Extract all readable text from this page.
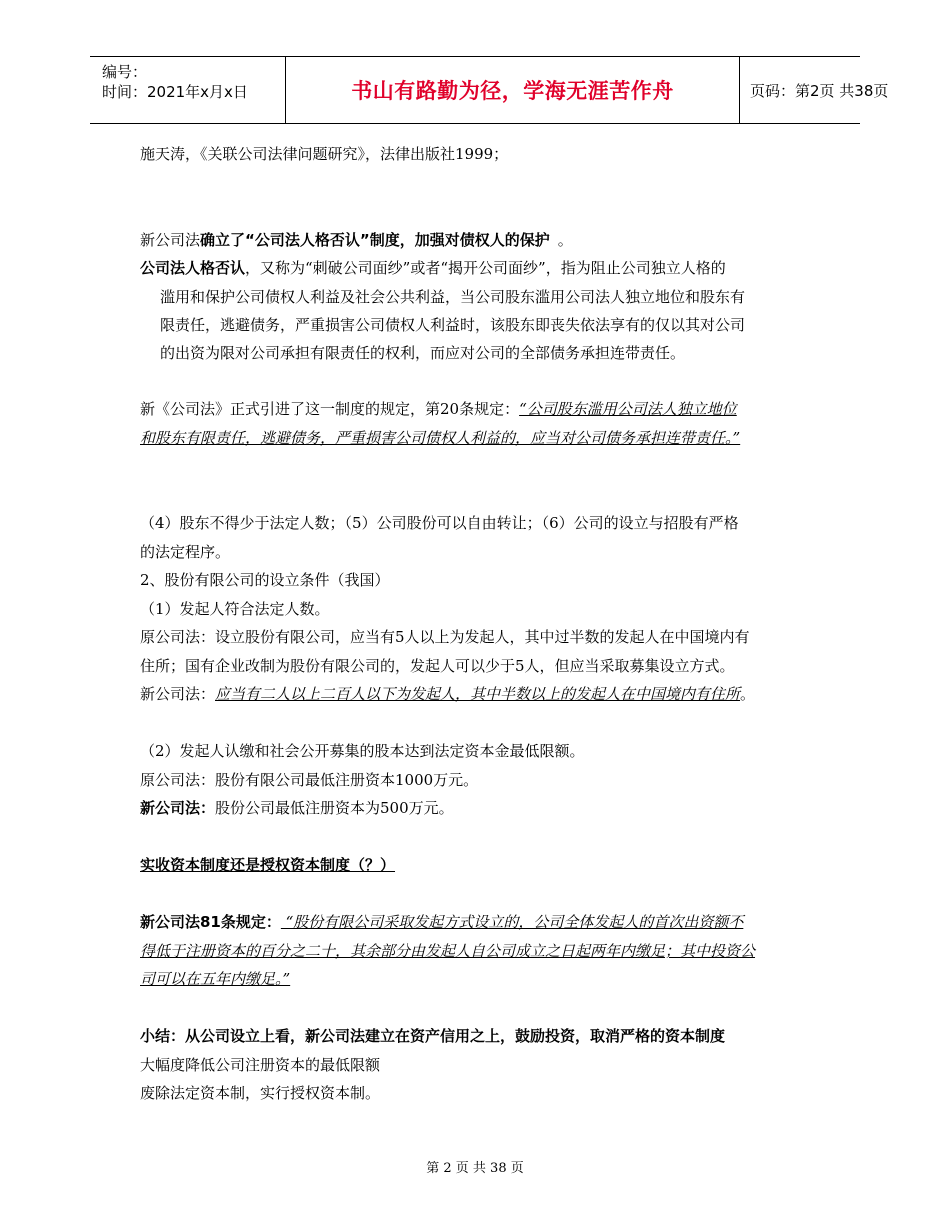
编号：
时间：2021年x月x日	书山有路勤为径，学海无涯苦作舟	页码：第2页 共38页
施天涛，《关联公司法律问题研究》，法律出版社1999；
新公司法确立了“公司法人格否认”制度，加强对债权人的保护 。
公司法人格否认，又称为“刺破公司面纱”或者“揭开公司面纱”，指为阻止公司独立人格的
滥用和保护公司债权人利益及社会公共利益，当公司股东滥用公司法人独立地位和股东有
限责任，逃避债务，严重损害公司债权人利益时，该股东即丧失依法享有的仅以其对公司
的出资为限对公司承担有限责任的权利，而应对公司的全部债务承担连带责任。
新《公司法》正式引进了这一制度的规定，第20条规定：“公司股东滥用公司法人独立地位
和股东有限责任，逃避债务，严重损害公司债权人利益的，应当对公司债务承担连带责任。”
（4）股东不得少于法定人数；（5）公司股份可以自由转让；（6）公司的设立与招股有严格
的法定程序。
2、股份有限公司的设立条件（我国）
（1）发起人符合法定人数。
原公司法：设立股份有限公司，应当有5人以上为发起人，其中过半数的发起人在中国境内有
住所；国有企业改制为股份有限公司的，发起人可以少于5人，但应当采取募集设立方式。
新公司法：应当有二人以上二百人以下为发起人，其中半数以上的发起人在中国境内有住所。
（2）发起人认缴和社会公开募集的股本达到法定资本金最低限额。
原公司法：股份有限公司最低注册资本1000万元。
新公司法：股份公司最低注册资本为500万元。
实收资本制度还是授权资本制度（？）
新公司法81条规定： “股份有限公司采取发起方式设立的，公司全体发起人的首次出资额不
得低于注册资本的百分之二十，其余部分由发起人自公司成立之日起两年内缴足；其中投资公
司可以在五年内缴足。”
小结：从公司设立上看，新公司法建立在资产信用之上，鼓励投资，取消严格的资本制度
大幅度降低公司注册资本的最低限额
废除法定资本制，实行授权资本制。
第 2 页 共 38 页
